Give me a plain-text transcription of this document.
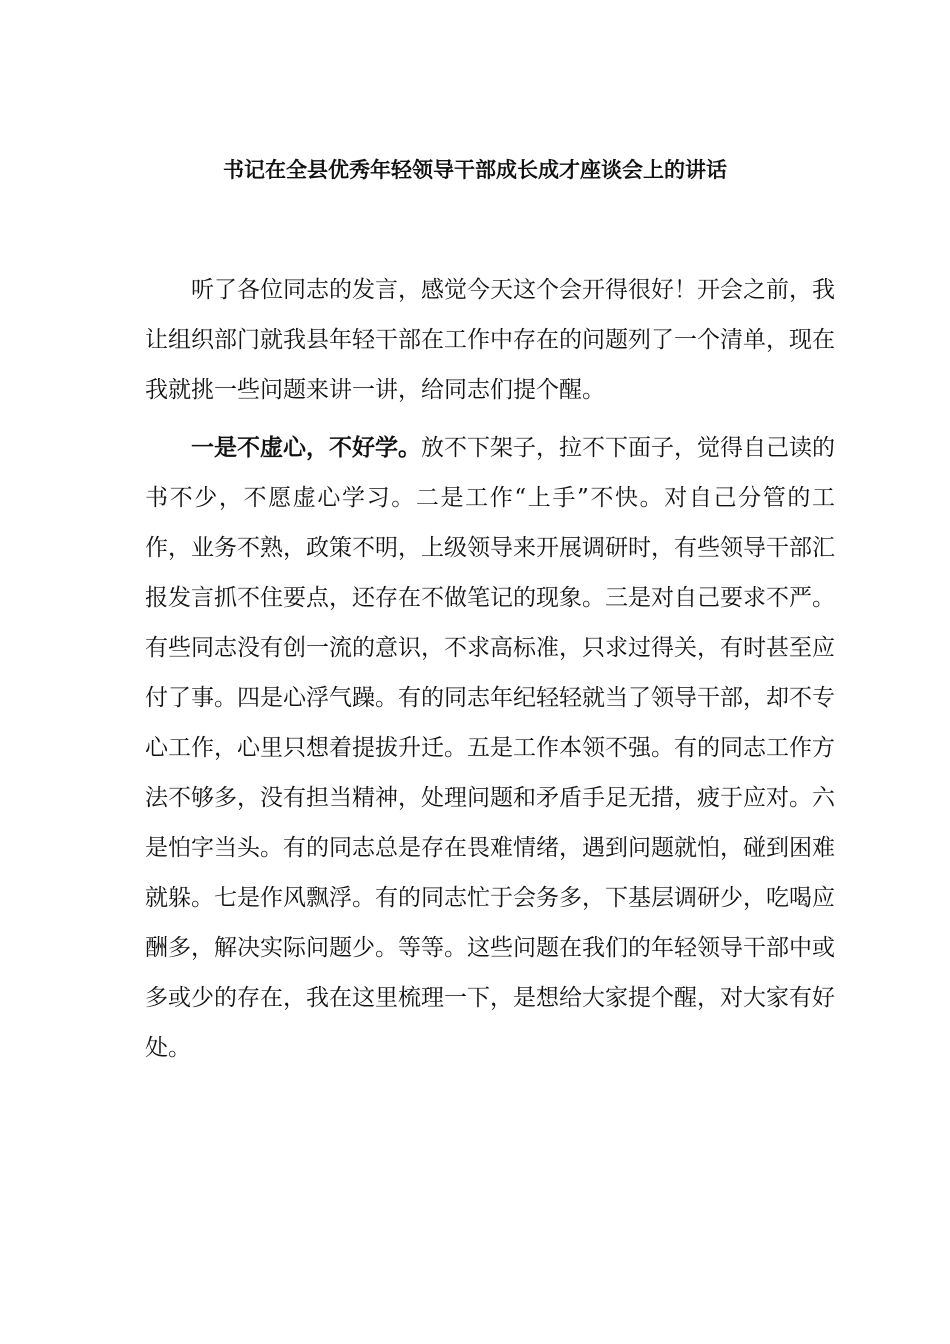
书记在全县优秀年轻领导干部成长成才座谈会上的讲话

听了各位同志的发言，感觉今天这个会开得很好！开会之前，我让组织部门就我县年轻干部在工作中存在的问题列了一个清单，现在我就挑一些问题来讲一讲，给同志们提个醒。

一是不虚心，不好学。放不下架子，拉不下面子，觉得自己读的书不少，不愿虚心学习。二是工作“上手”不快。对自己分管的工作，业务不熟，政策不明，上级领导来开展调研时，有些领导干部汇报发言抓不住要点，还存在不做笔记的现象。三是对自己要求不严。有些同志没有创一流的意识，不求高标准，只求过得关，有时甚至应付了事。四是心浮气躁。有的同志年纪轻轻就当了领导干部，却不专心工作，心里只想着提拔升迁。五是工作本领不强。有的同志工作方法不够多，没有担当精神，处理问题和矛盾手足无措，疲于应对。六是怕字当头。有的同志总是存在畏难情绪，遇到问题就怕，碰到困难就躲。七是作风飘浮。有的同志忙于会务多，下基层调研少，吃喝应酬多，解决实际问题少。等等。这些问题在我们的年轻领导干部中或多或少的存在，我在这里梳理一下，是想给大家提个醒，对大家有好处。
